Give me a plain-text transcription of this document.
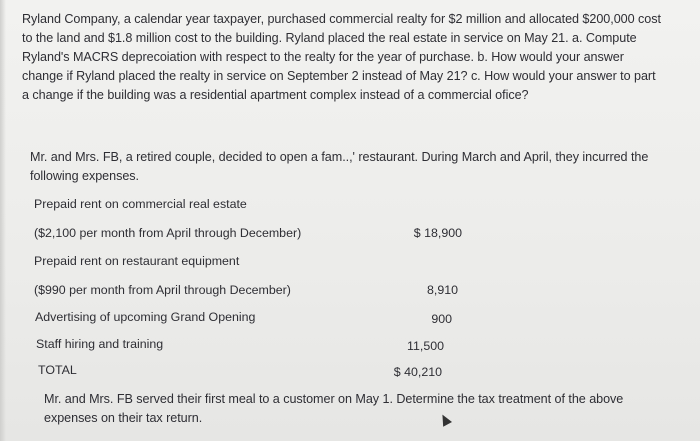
Ryland Company, a calendar year taxpayer, purchased commercial realty for $2 million and allocated $200,000 cost
to the land and $1.8 million cost to the building. Ryland placed the real estate in service on May 21. a. Compute
Ryland's MACRS deprecoiation with respect to the realty for the year of purchase. b. How would your answer
change if Ryland placed the realty in service on September 2 instead of May 21? c. How would your answer to part
a change if the building was a residential apartment complex instead of a commercial ofice?
Mr. and Mrs. FB, a retired couple, decided to open a fam..,' restaurant. During March and April, they incurred the
following expenses.
Prepaid rent on commercial real estate
($2,100 per month from April through December)	$ 18,900
Prepaid rent on restaurant equipment
($990 per month from April through December)	8,910
Advertising of upcoming Grand Opening	900
Staff hiring and training	11,500
TOTAL	$ 40,210
Mr. and Mrs. FB served their first meal to a customer on May 1. Determine the tax treatment of the above
expenses on their tax return.
